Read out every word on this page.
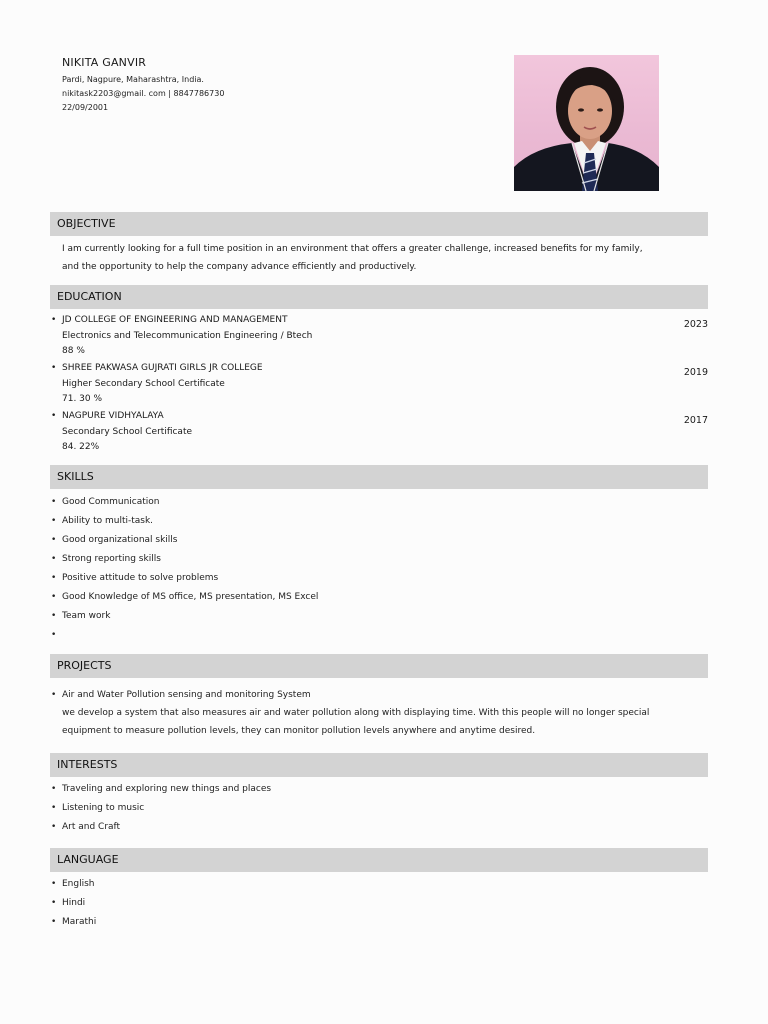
NIKITA GANVIR
Pardi, Nagpure, Maharashtra, India.
nikitask2203@gmail. com | 8847786730
22/09/2001
OBJECTIVE
I am currently looking for a full time position in an environment that offers a greater challenge, increased benefits for my family,
and the opportunity to help the company advance efficiently and productively.
EDUCATION
• JD COLLEGE OF ENGINEERING AND MANAGEMENT
Electronics and Telecommunication Engineering / Btech
88 %
2023
• SHREE PAKWASA GUJRATI GIRLS JR COLLEGE
Higher Secondary School Certificate
71. 30 %
2019
• NAGPURE VIDHYALAYA
Secondary School Certificate
84. 22%
2017
SKILLS
• Good Communication
• Ability to multi-task.
• Good organizational skills
• Strong reporting skills
• Positive attitude to solve problems
• Good Knowledge of MS office, MS presentation, MS Excel
• Team work
•
PROJECTS
• Air and Water Pollution sensing and monitoring System
we develop a system that also measures air and water pollution along with displaying time. With this people will no longer special
equipment to measure pollution levels, they can monitor pollution levels anywhere and anytime desired.
INTERESTS
• Traveling and exploring new things and places
• Listening to music
• Art and Craft
LANGUAGE
• English
• Hindi
• Marathi
